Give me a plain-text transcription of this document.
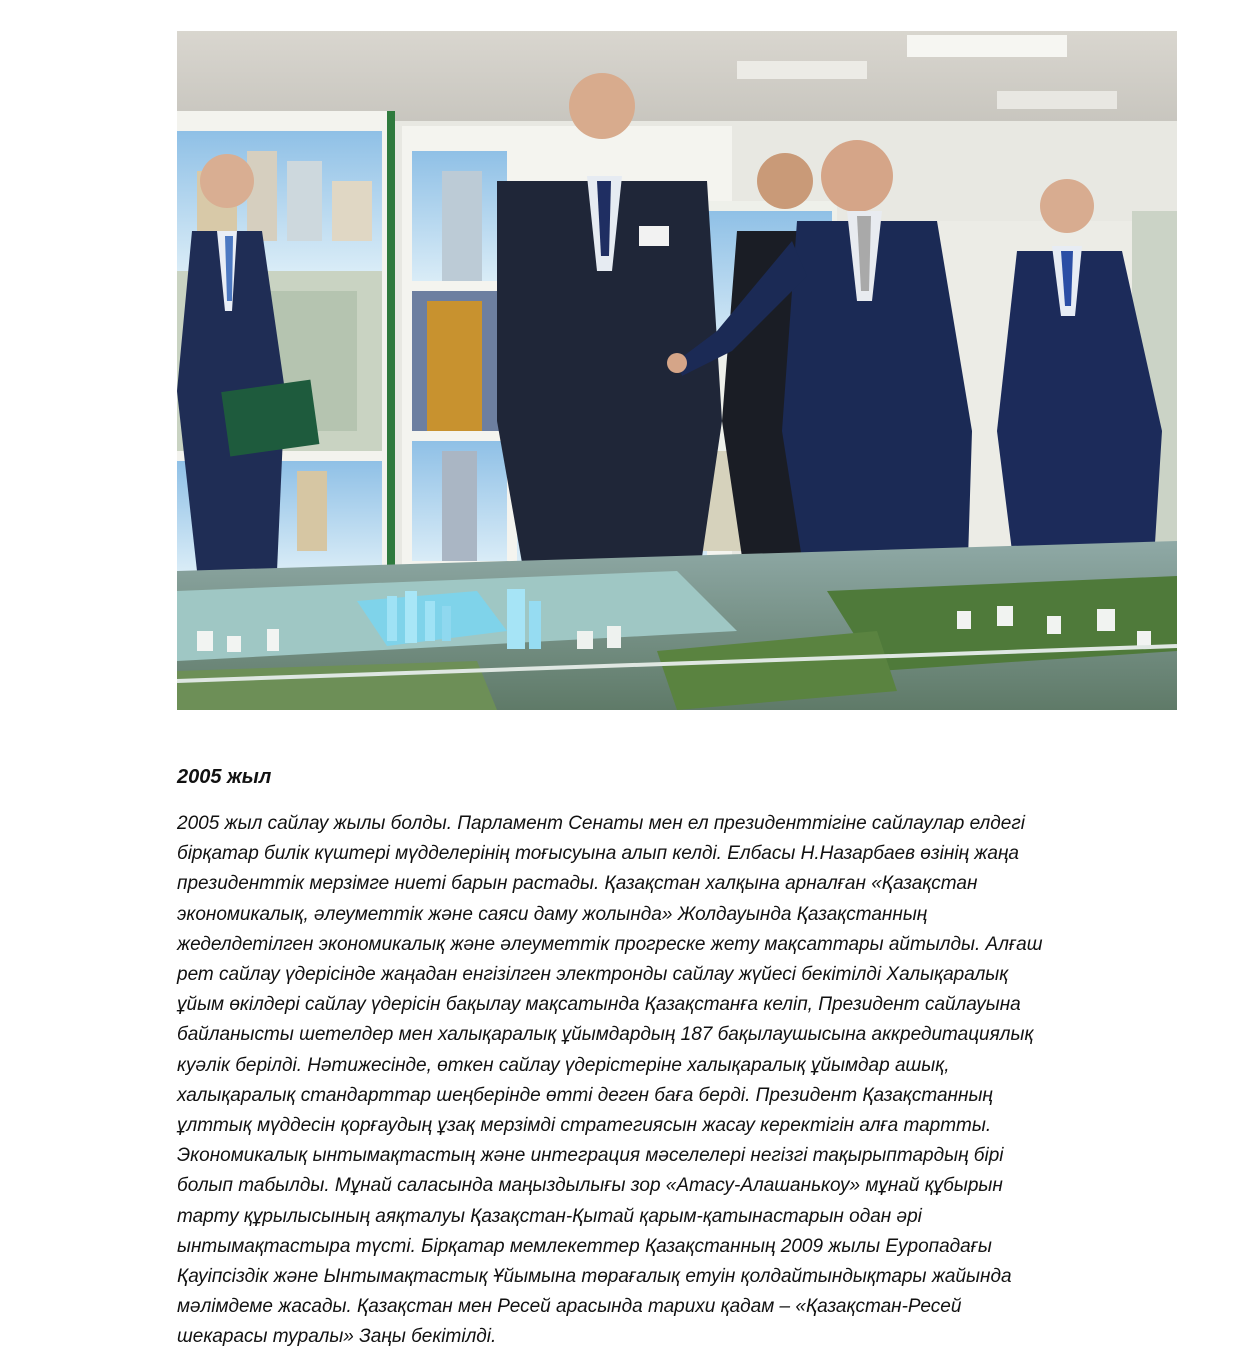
2005 жыл

2005 жыл сайлау жылы болды. Парламент Сенаты мен ел президенттігіне сайлаулар елдегі
бірқатар билік күштері мүдделерінің тоғысуына алып келді. Елбасы Н.Назарбаев өзінің жаңа
президенттік мерзімге ниеті барын растады. Қазақстан халқына арналған «Қазақстан
экономикалық, әлеуметтік және саяси даму жолында» Жолдауында Қазақстанның
жеделдетілген экономикалық және әлеуметтік прогреске жету мақсаттары айтылды. Алғаш
рет сайлау үдерісінде жаңадан енгізілген электронды сайлау жүйесі бекітілді Халықаралық
ұйым өкілдері сайлау үдерісін бақылау мақсатында Қазақстанға келіп, Президент сайлауына
байланысты шетелдер мен халықаралық ұйымдардың 187 бақылаушысына аккредитациялық
куәлік берілді. Нәтижесінде, өткен сайлау үдерістеріне халықаралық ұйымдар ашық,
халықаралық стандарттар шеңберінде өтті деген баға берді. Президент Қазақстанның
ұлттық мүддесін қорғаудың ұзақ мерзімді стратегиясын жасау керектігін алға тартты.
Экономикалық ынтымақтастың және интеграция мәселелері негізгі тақырыптардың бірі
болып табылды. Мұнай саласында маңыздылығы зор «Атасу-Алашанькоу» мұнай құбырын
тарту құрылысының аяқталуы Қазақстан-Қытай қарым-қатынастарын одан әрі
ынтымақтастыра түсті. Бірқатар мемлекеттер Қазақстанның 2009 жылы Еуропадағы
Қауіпсіздік және Ынтымақтастық Ұйымына төрағалық етуін қолдайтындықтары жайында
мәлімдеме жасады. Қазақстан мен Ресей арасында тарихи қадам – «Қазақстан-Ресей
шекарасы туралы» Заңы бекітілді.
